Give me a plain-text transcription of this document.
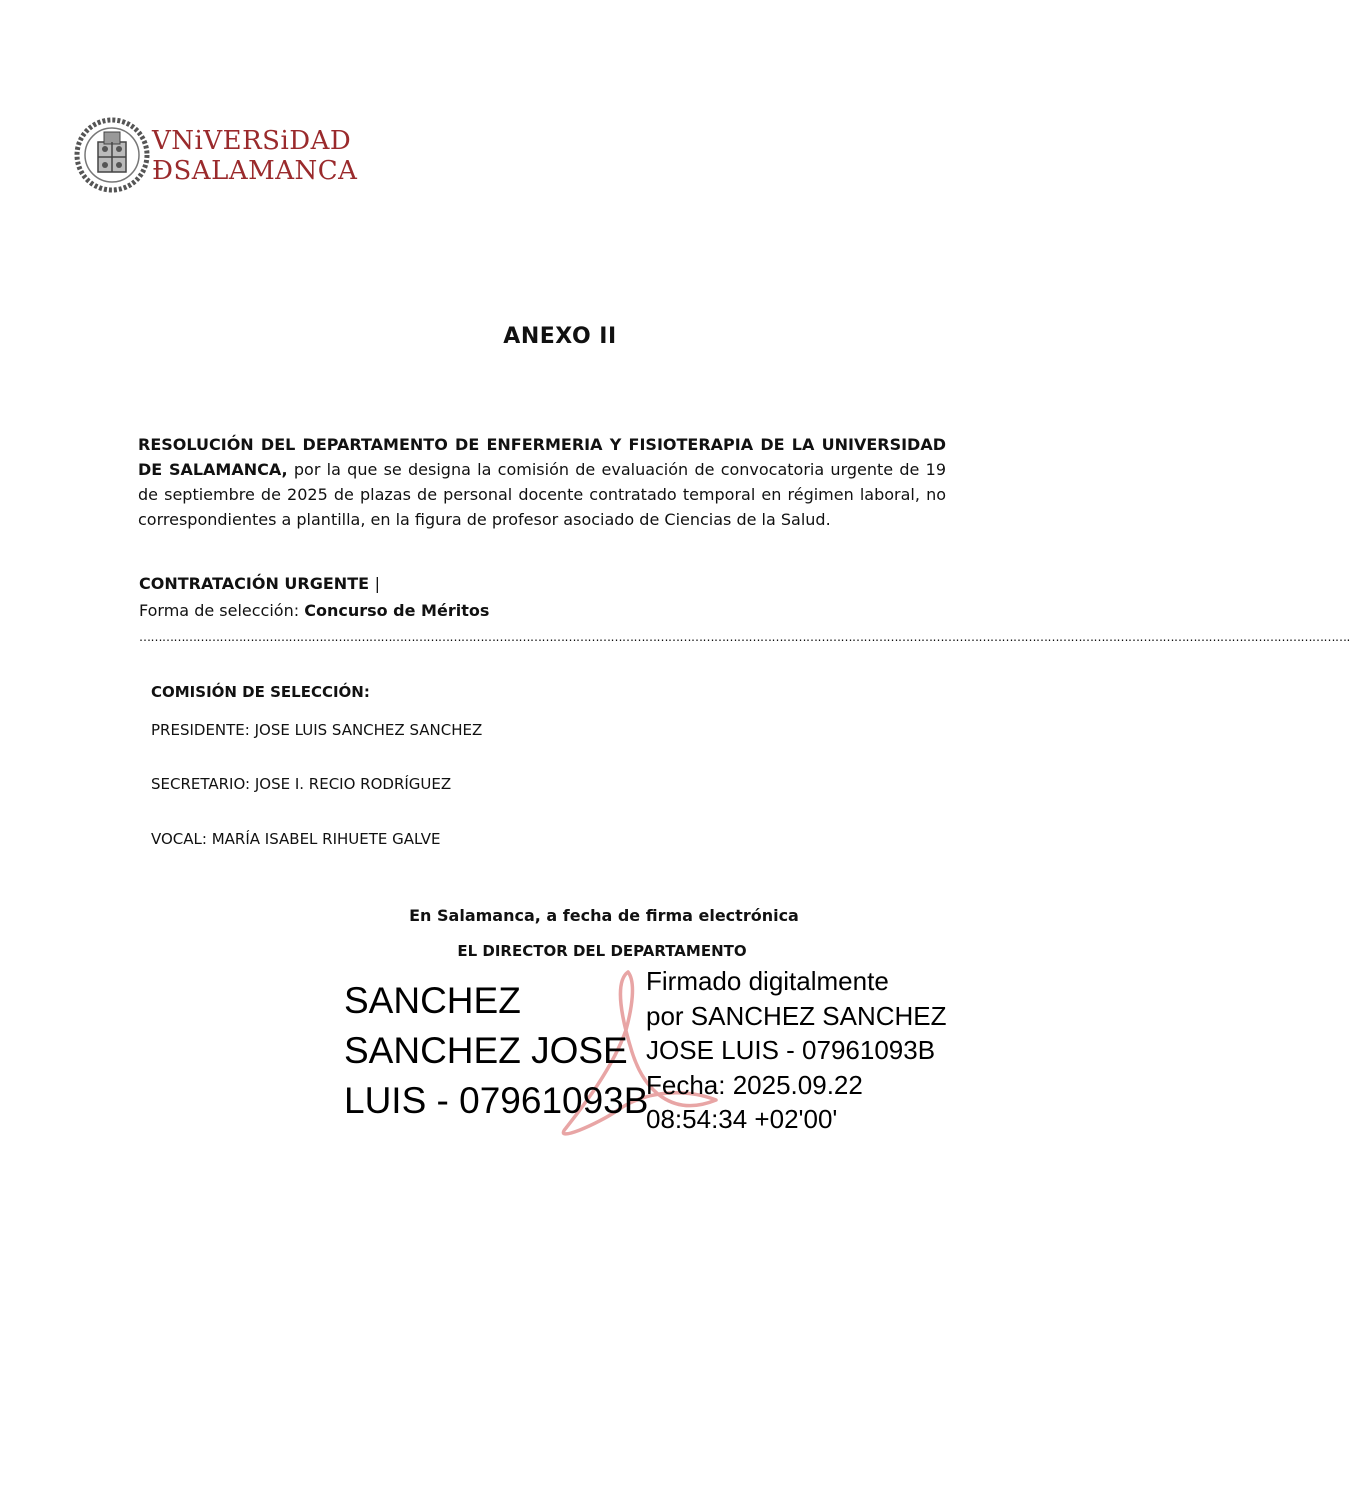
VNiVERSiDAD
ÐSALAMANCA
ANEXO II
RESOLUCIÓN DEL DEPARTAMENTO DE ENFERMERIA Y FISIOTERAPIA DE LA UNIVERSIDAD DE SALAMANCA, por la que se designa la comisión de evaluación de convocatoria urgente de 19 de septiembre de 2025 de plazas de personal docente contratado temporal en régimen laboral, no correspondientes a plantilla, en la figura de profesor asociado de Ciencias de la Salud.
CONTRATACIÓN URGENTE |
Forma de selección: Concurso de Méritos
……………………………………………………………………………………………………………………………………………………………………………………………………………………………………………………………………………………….
COMISIÓN DE SELECCIÓN:
PRESIDENTE: JOSE LUIS SANCHEZ SANCHEZ
SECRETARIO: JOSE I. RECIO RODRÍGUEZ
VOCAL: MARÍA ISABEL RIHUETE GALVE
En Salamanca, a fecha de firma electrónica
EL DIRECTOR DEL DEPARTAMENTO
SANCHEZ
SANCHEZ JOSE
LUIS - 07961093B
Firmado digitalmente
por SANCHEZ SANCHEZ
JOSE LUIS - 07961093B
Fecha: 2025.09.22
08:54:34 +02'00'
